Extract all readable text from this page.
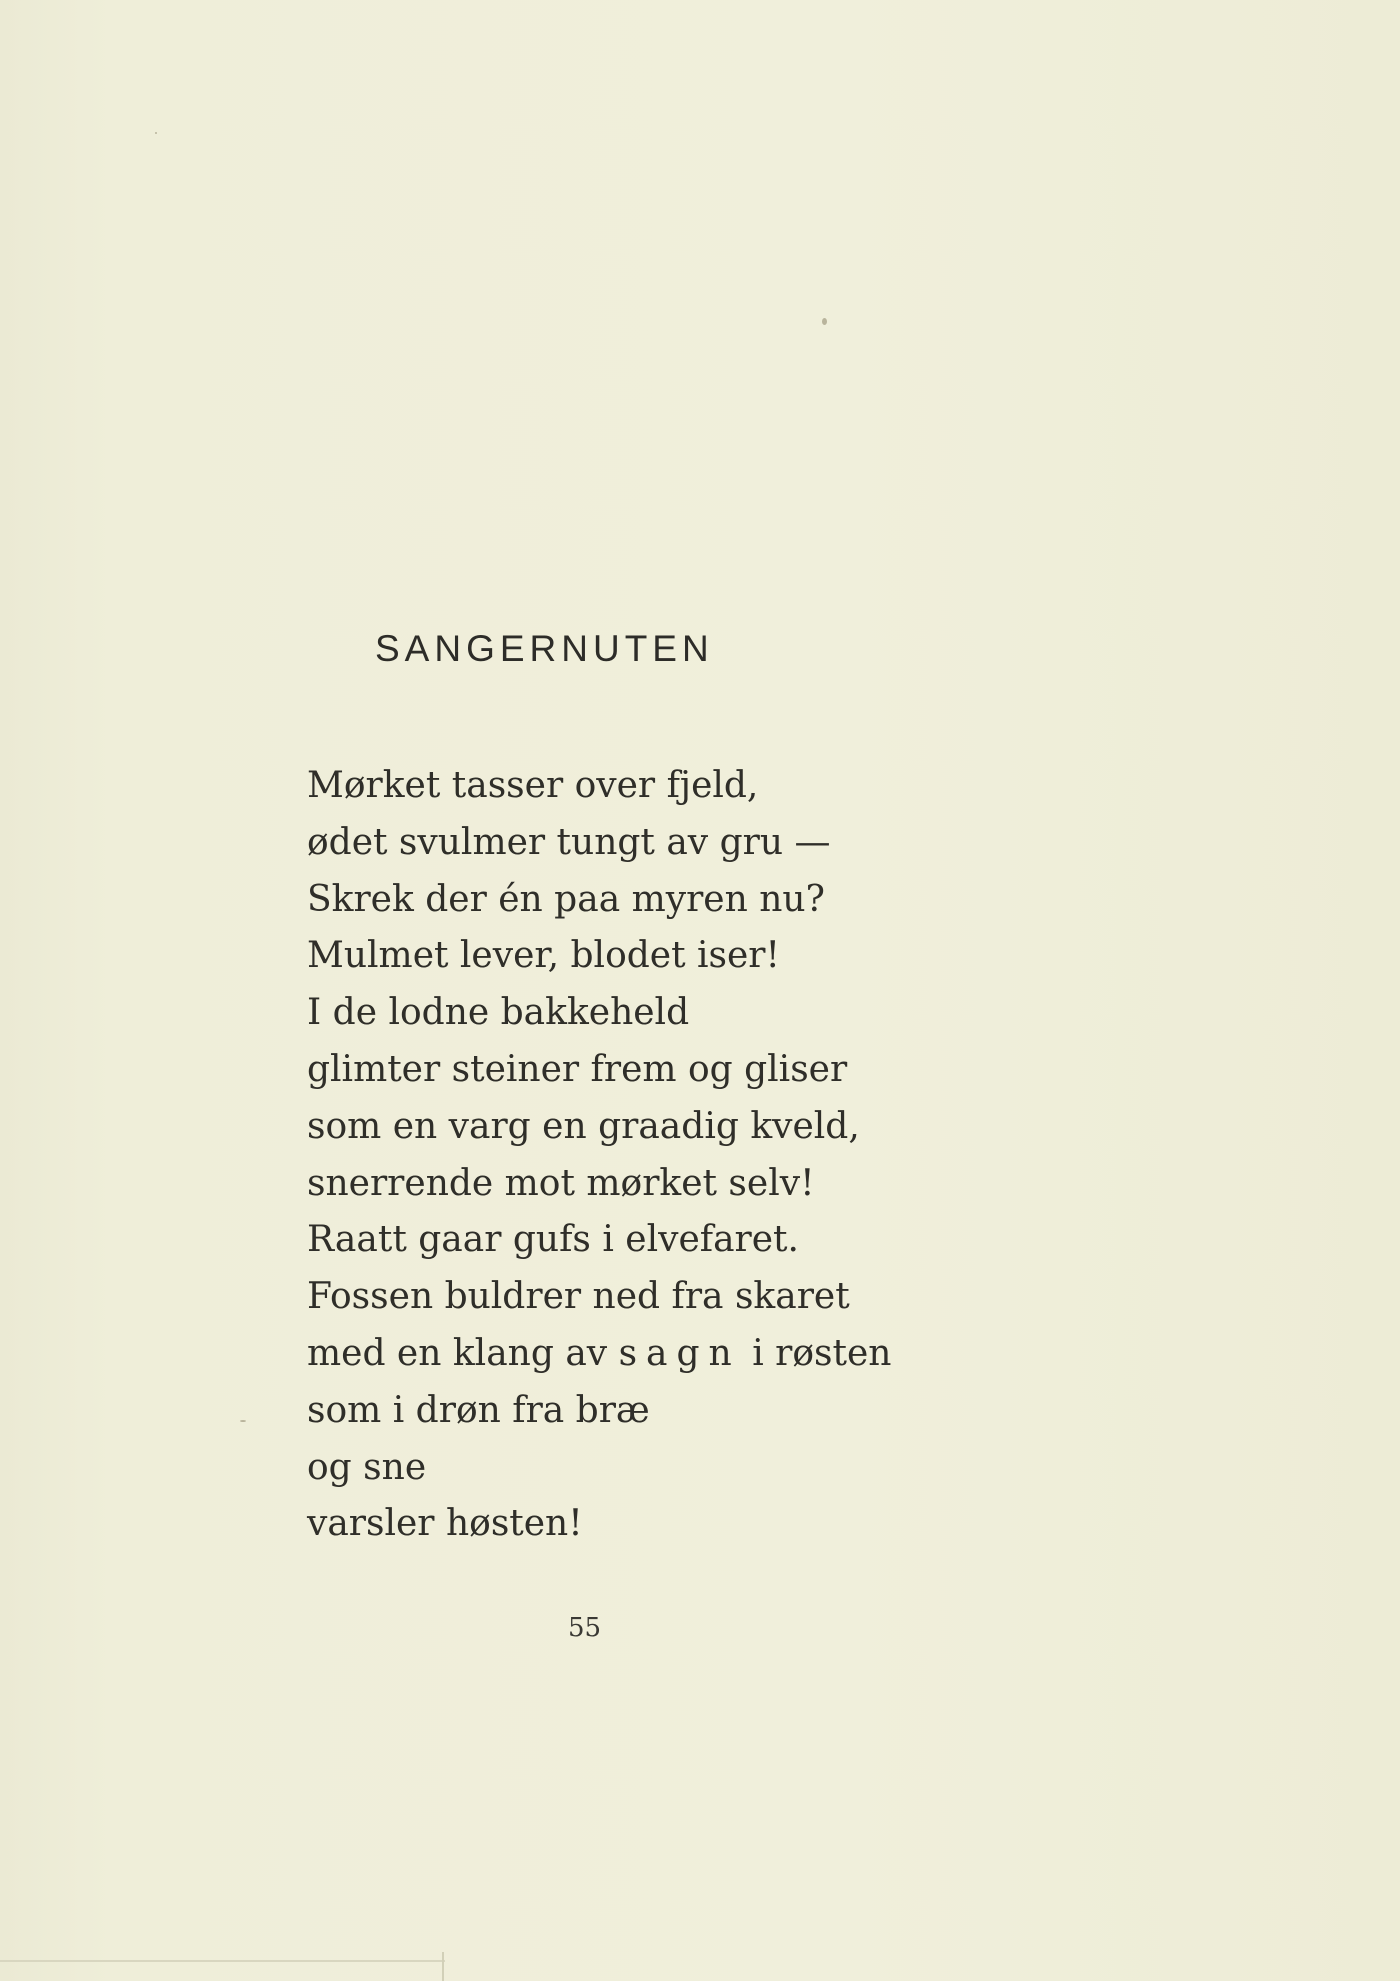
SANGERNUTEN
Mørket tasser over fjeld,
ødet svulmer tungt av gru —
Skrek der én paa myren nu?
Mulmet lever, blodet iser!
I de lodne bakkeheld
glimter steiner frem og gliser
som en varg en graadig kveld,
snerrende mot mørket selv!
Raatt gaar gufs i elvefaret.
Fossen buldrer ned fra skaret
med en klang av sagn i røsten
som i drøn fra bræ
og sne
varsler høsten!
55
